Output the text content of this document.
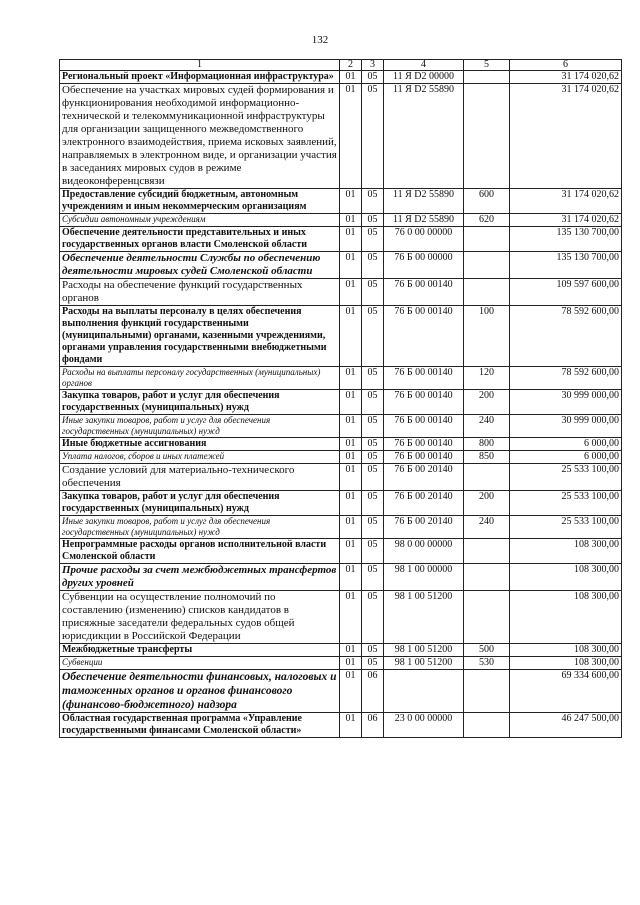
132
1	2	3	4	5	6
Региональный проект «Информационная инфраструктура»	01	05	11 Я D2 00000		31 174 020,62
Обеспечение на участках мировых судей формирования и функционирования необходимой информационно-технической и телекоммуникационной инфраструктуры для организации защищенного межведомственного электронного взаимодействия, приема исковых заявлений, направляемых в электронном виде, и организации участия в заседаниях мировых судов в режиме видеоконференцсвязи	01	05	11 Я D2 55890		31 174 020,62
Предоставление субсидий бюджетным, автономным учреждениям и иным некоммерческим организациям	01	05	11 Я D2 55890	600	31 174 020,62
Субсидии автономным учреждениям	01	05	11 Я D2 55890	620	31 174 020,62
Обеспечение деятельности представительных и иных государственных органов власти Смоленской области	01	05	76 0 00 00000		135 130 700,00
Обеспечение деятельности Службы по обеспечению деятельности мировых судей Смоленской области	01	05	76 Б 00 00000		135 130 700,00
Расходы на обеспечение функций государственных органов	01	05	76 Б 00 00140		109 597 600,00
Расходы на выплаты персоналу в целях обеспечения выполнения функций государственными (муниципальными) органами, казенными учреждениями, органами управления государственными внебюджетными фондами	01	05	76 Б 00 00140	100	78 592 600,00
Расходы на выплаты персоналу государственных (муниципальных) органов	01	05	76 Б 00 00140	120	78 592 600,00
Закупка товаров, работ и услуг для обеспечения государственных (муниципальных) нужд	01	05	76 Б 00 00140	200	30 999 000,00
Иные закупки товаров, работ и услуг для обеспечения государственных (муниципальных) нужд	01	05	76 Б 00 00140	240	30 999 000,00
Иные бюджетные ассигнования	01	05	76 Б 00 00140	800	6 000,00
Уплата налогов, сборов и иных платежей	01	05	76 Б 00 00140	850	6 000,00
Создание условий для материально-технического обеспечения	01	05	76 Б 00 20140		25 533 100,00
Закупка товаров, работ и услуг для обеспечения государственных (муниципальных) нужд	01	05	76 Б 00 20140	200	25 533 100,00
Иные закупки товаров, работ и услуг для обеспечения государственных (муниципальных) нужд	01	05	76 Б 00 20140	240	25 533 100,00
Непрограммные расходы органов исполнительной власти Смоленской области	01	05	98 0 00 00000		108 300,00
Прочие расходы за счет межбюджетных трансфертов других уровней	01	05	98 1 00 00000		108 300,00
Субвенции на осуществление полномочий по составлению (изменению) списков кандидатов в присяжные заседатели федеральных судов общей юрисдикции в Российской Федерации	01	05	98 1 00 51200		108 300,00
Межбюджетные трансферты	01	05	98 1 00 51200	500	108 300,00
Субвенции	01	05	98 1 00 51200	530	108 300,00
Обеспечение деятельности финансовых, налоговых и таможенных органов и органов финансового (финансово-бюджетного) надзора	01	06			69 334 600,00
Областная государственная программа «Управление государственными финансами Смоленской области»	01	06	23 0 00 00000		46 247 500,00
